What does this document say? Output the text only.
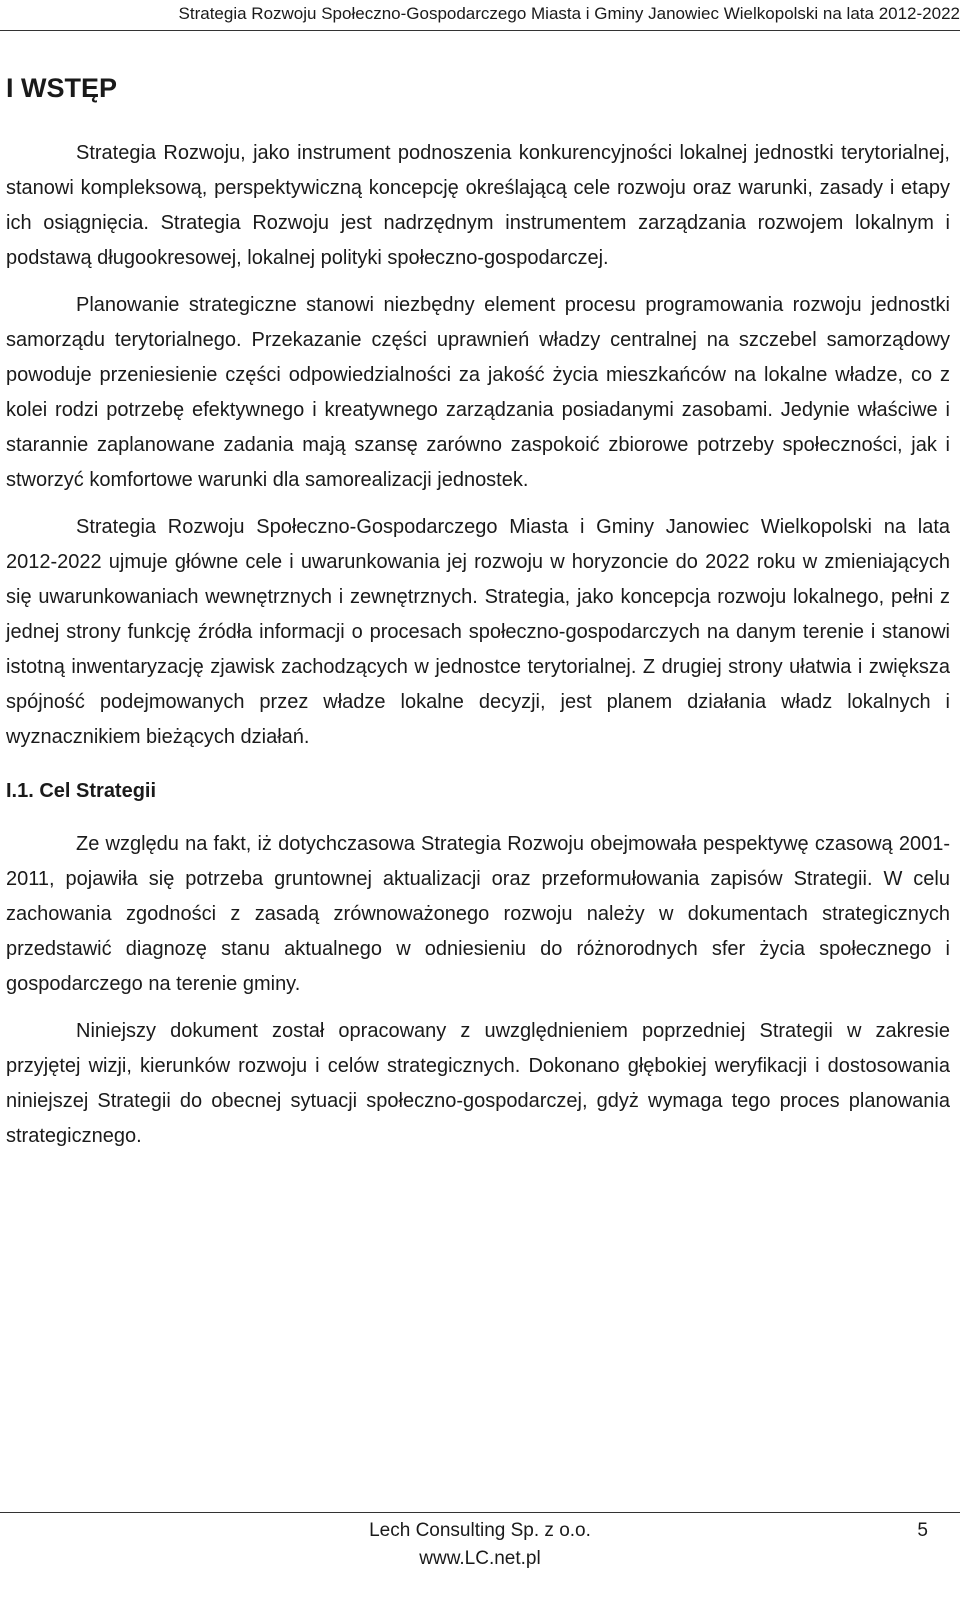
Strategia Rozwoju Społeczno-Gospodarczego Miasta i Gminy Janowiec Wielkopolski na lata 2012-2022
I WSTĘP

Strategia Rozwoju, jako instrument podnoszenia konkurencyjności lokalnej jednostki terytorialnej, stanowi kompleksową, perspektywiczną koncepcję określającą cele rozwoju oraz warunki, zasady i etapy ich osiągnięcia. Strategia Rozwoju jest nadrzędnym instrumentem zarządzania rozwojem lokalnym i podstawą długookresowej, lokalnej polityki społeczno-gospodarczej.

Planowanie strategiczne stanowi niezbędny element procesu programowania rozwoju jednostki samorządu terytorialnego. Przekazanie części uprawnień władzy centralnej na szczebel samorządowy powoduje przeniesienie części odpowiedzialności za jakość życia mieszkańców na lokalne władze, co z kolei rodzi potrzebę efektywnego i kreatywnego zarządzania posiadanymi zasobami. Jedynie właściwe i starannie zaplanowane zadania mają szansę zarówno zaspokoić zbiorowe potrzeby społeczności, jak i stworzyć komfortowe warunki dla samorealizacji jednostek.

Strategia Rozwoju Społeczno-Gospodarczego Miasta i Gminy Janowiec Wielkopolski na lata 2012-2022 ujmuje główne cele i uwarunkowania jej rozwoju w horyzoncie do 2022 roku w zmieniających się uwarunkowaniach wewnętrznych i zewnętrznych. Strategia, jako koncepcja rozwoju lokalnego, pełni z jednej strony funkcję źródła informacji o procesach społeczno-gospodarczych na danym terenie i stanowi istotną inwentaryzację zjawisk zachodzących w jednostce terytorialnej. Z drugiej strony ułatwia i zwiększa spójność podejmowanych przez władze lokalne decyzji, jest planem działania władz lokalnych i wyznacznikiem bieżących działań.

I.1. Cel Strategii

Ze względu na fakt, iż dotychczasowa Strategia Rozwoju obejmowała pespektywę czasową 2001-2011, pojawiła się potrzeba gruntownej aktualizacji oraz przeformułowania zapisów Strategii. W celu zachowania zgodności z zasadą zrównoważonego rozwoju należy w dokumentach strategicznych przedstawić diagnozę stanu aktualnego w odniesieniu do różnorodnych sfer życia społecznego i gospodarczego na terenie gminy.

Niniejszy dokument został opracowany z uwzględnieniem poprzedniej Strategii w zakresie przyjętej wizji, kierunków rozwoju i celów strategicznych. Dokonano głębokiej weryfikacji i dostosowania niniejszej Strategii do obecnej sytuacji społeczno-gospodarczej, gdyż wymaga tego proces planowania strategicznego.

Lech Consulting Sp. z o.o.
www.LC.net.pl
5
